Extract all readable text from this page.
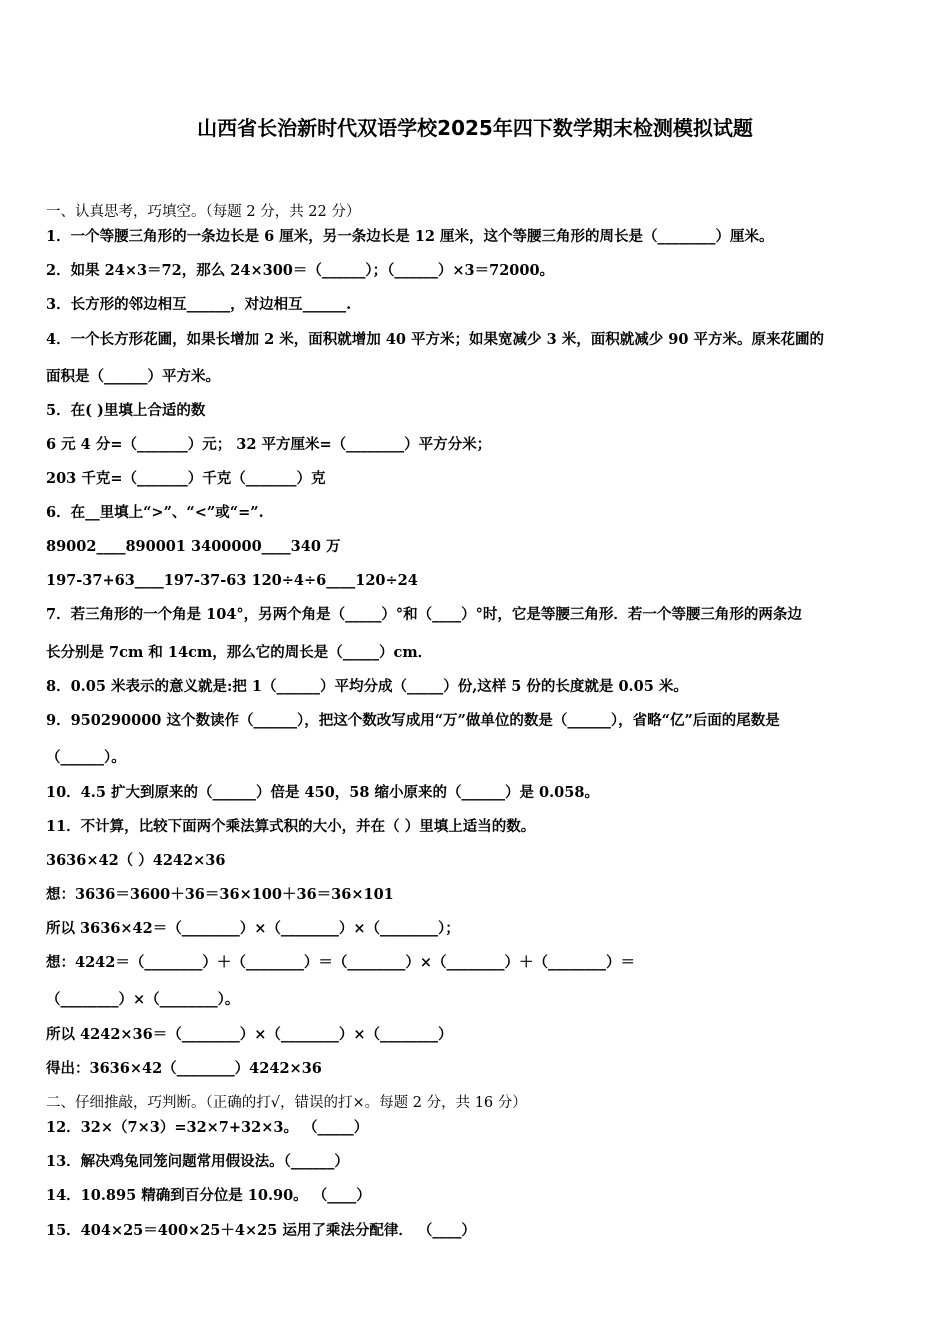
山西省长治新时代双语学校2025年四下数学期末检测模拟试题
一、认真思考，巧填空。（每题 2 分，共 22 分）
1．一个等腰三角形的一条边长是 6 厘米，另一条边长是 12 厘米，这个等腰三角形的周长是（________）厘米。
2．如果 24×3＝72，那么 24×300＝（______）；（______）×3＝72000。
3．长方形的邻边相互______，对边相互______.
4．一个长方形花圃，如果长增加 2 米，面积就增加 40 平方米；如果宽减少 3 米，面积就减少 90 平方米。原来花圃的
面积是（______）平方米。
5．在( )里填上合适的数
6 元 4 分=（_______）元； 32 平方厘米=（________）平方分米；
203 千克=（_______）千克（_______）克
6．在__里填上“>”、“<”或“=”.
89002____890001 3400000____340 万
197-37+63____197-37-63 120÷4÷6____120÷24
7．若三角形的一个角是 104°，另两个角是（_____）°和（____）°时，它是等腰三角形．若一个等腰三角形的两条边
长分别是 7cm 和 14cm，那么它的周长是（_____）cm．
8．0.05 米表示的意义就是:把 1（______）平均分成（_____）份,这样 5 份的长度就是 0.05 米。
9．950290000 这个数读作（______），把这个数改写成用“万”做单位的数是（______），省略“亿”后面的尾数是
（______）。
10．4.5 扩大到原来的（______）倍是 450，58 缩小原来的（______）是 0.058。
11．不计算，比较下面两个乘法算式积的大小，并在（ ）里填上适当的数。
3636×42（ ）4242×36
想：3636＝3600＋36＝36×100＋36＝36×101
所以 3636×42＝（________）×（________）×（________）；
想：4242＝（________）＋（________）＝（________）×（________）＋（________）＝
（________）×（________）。
所以 4242×36＝（________）×（________）×（________）
得出：3636×42（________）4242×36
二、仔细推敲，巧判断。（正确的打√，错误的打×。每题 2 分，共 16 分）
12．32×（7×3）=32×7+32×3。 （_____）
13．解决鸡兔同笼问题常用假设法。（______）
14．10.895 精确到百分位是 10.90。 （____）
15．404×25＝400×25＋4×25 运用了乘法分配律． （____）
